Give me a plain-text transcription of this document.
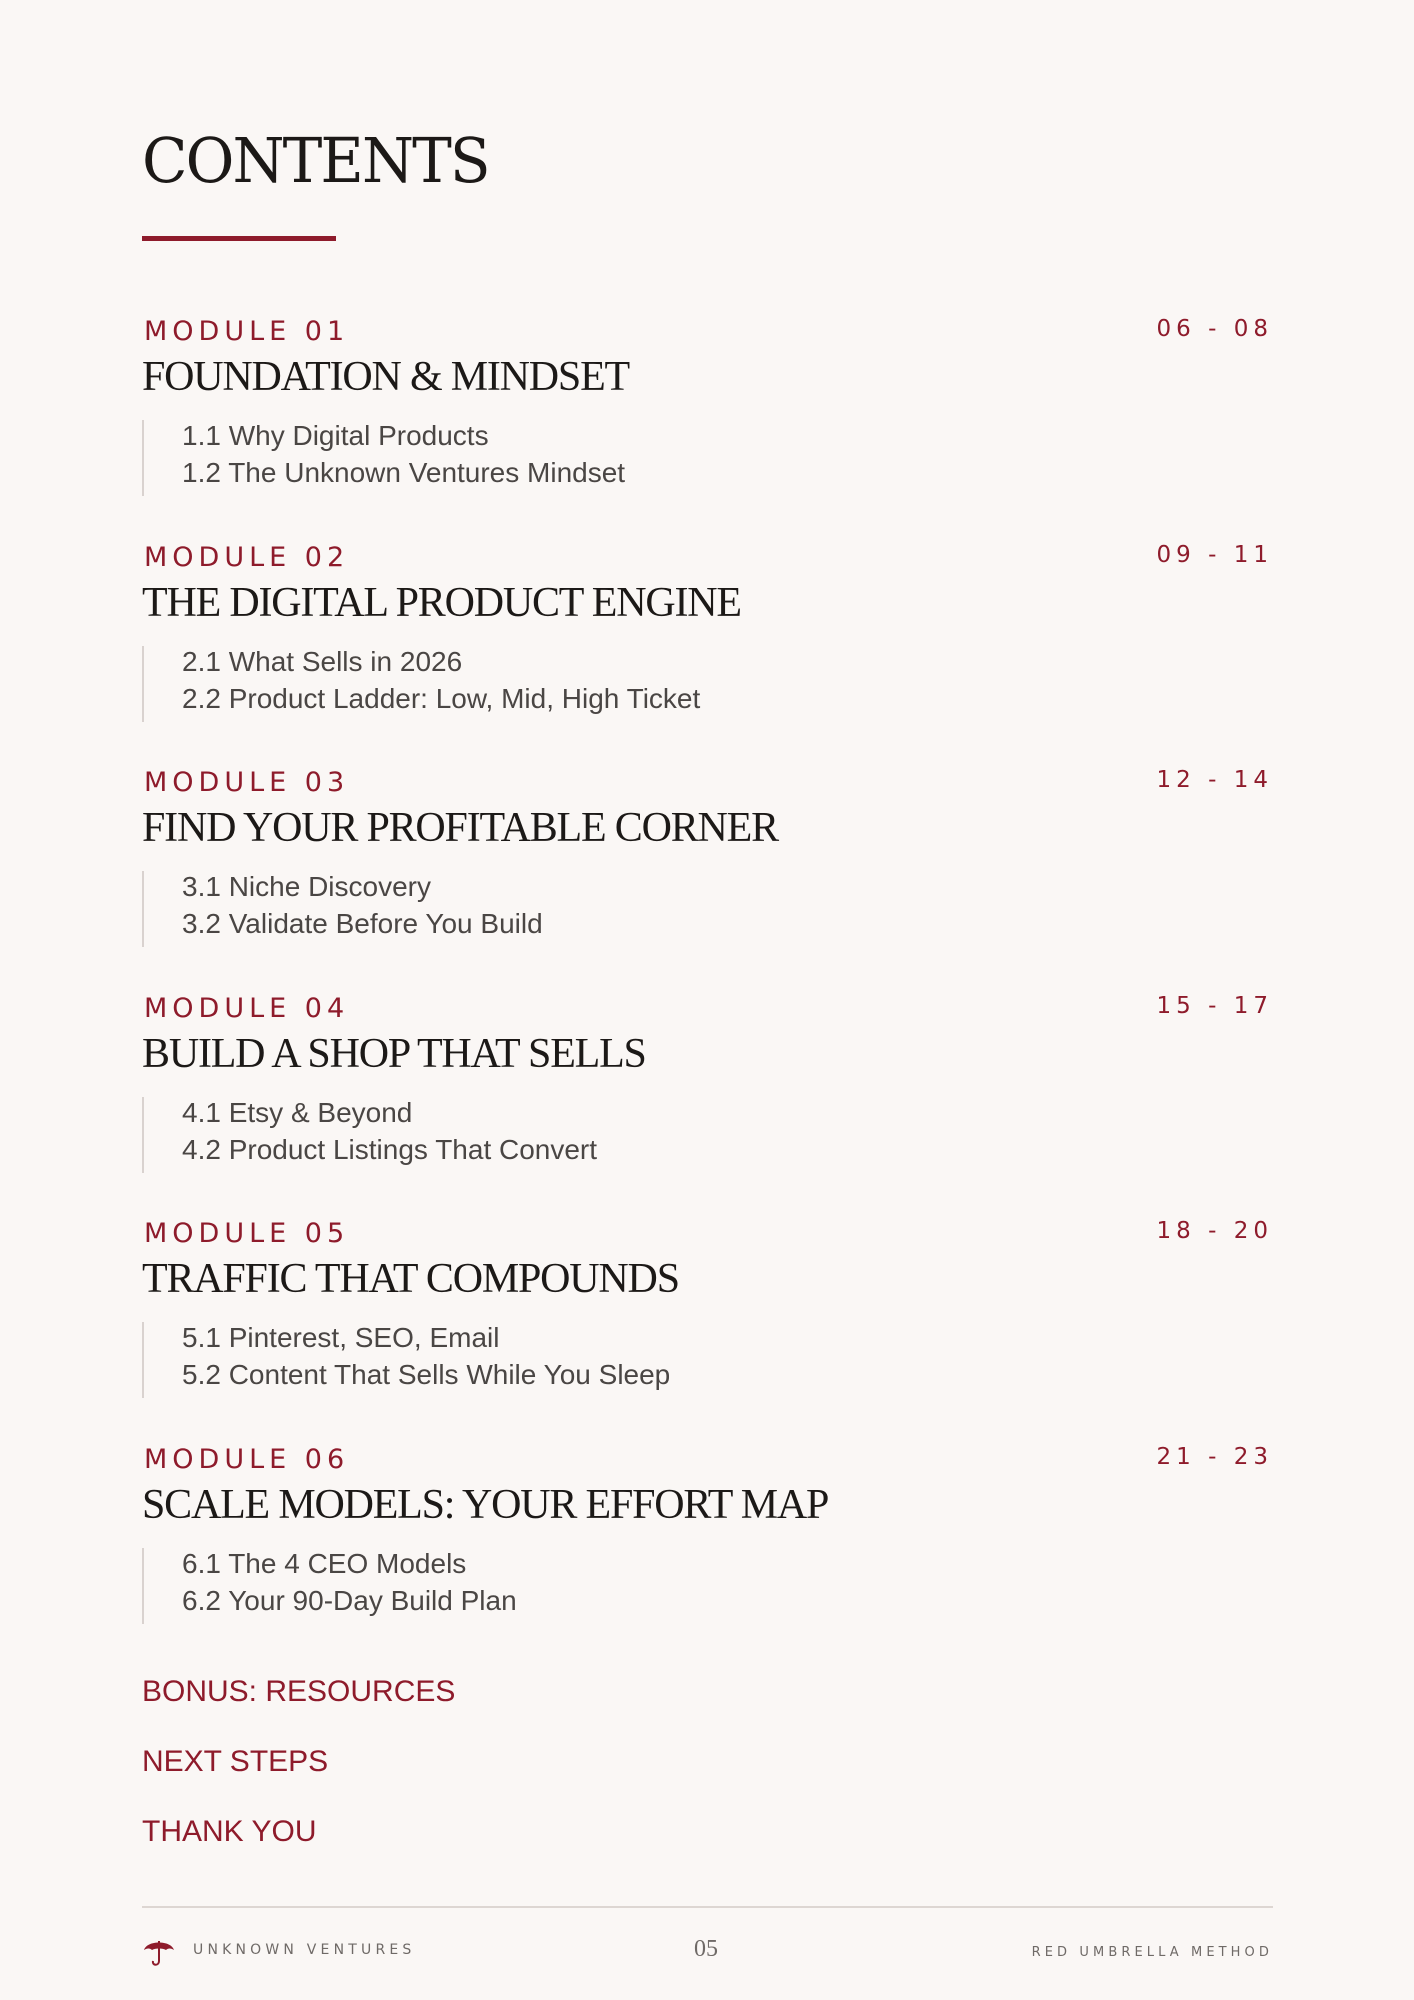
CONTENTS
MODULE 01	06 - 08
FOUNDATION & MINDSET
1.1 Why Digital Products
1.2 The Unknown Ventures Mindset
MODULE 02	09 - 11
THE DIGITAL PRODUCT ENGINE
2.1 What Sells in 2026
2.2 Product Ladder: Low, Mid, High Ticket
MODULE 03	12 - 14
FIND YOUR PROFITABLE CORNER
3.1 Niche Discovery
3.2 Validate Before You Build
MODULE 04	15 - 17
BUILD A SHOP THAT SELLS
4.1 Etsy & Beyond
4.2 Product Listings That Convert
MODULE 05	18 - 20
TRAFFIC THAT COMPOUNDS
5.1 Pinterest, SEO, Email
5.2 Content That Sells While You Sleep
MODULE 06	21 - 23
SCALE MODELS: YOUR EFFORT MAP
6.1 The 4 CEO Models
6.2 Your 90-Day Build Plan
BONUS: RESOURCES
NEXT STEPS
THANK YOU
UNKNOWN VENTURES	05	RED UMBRELLA METHOD
